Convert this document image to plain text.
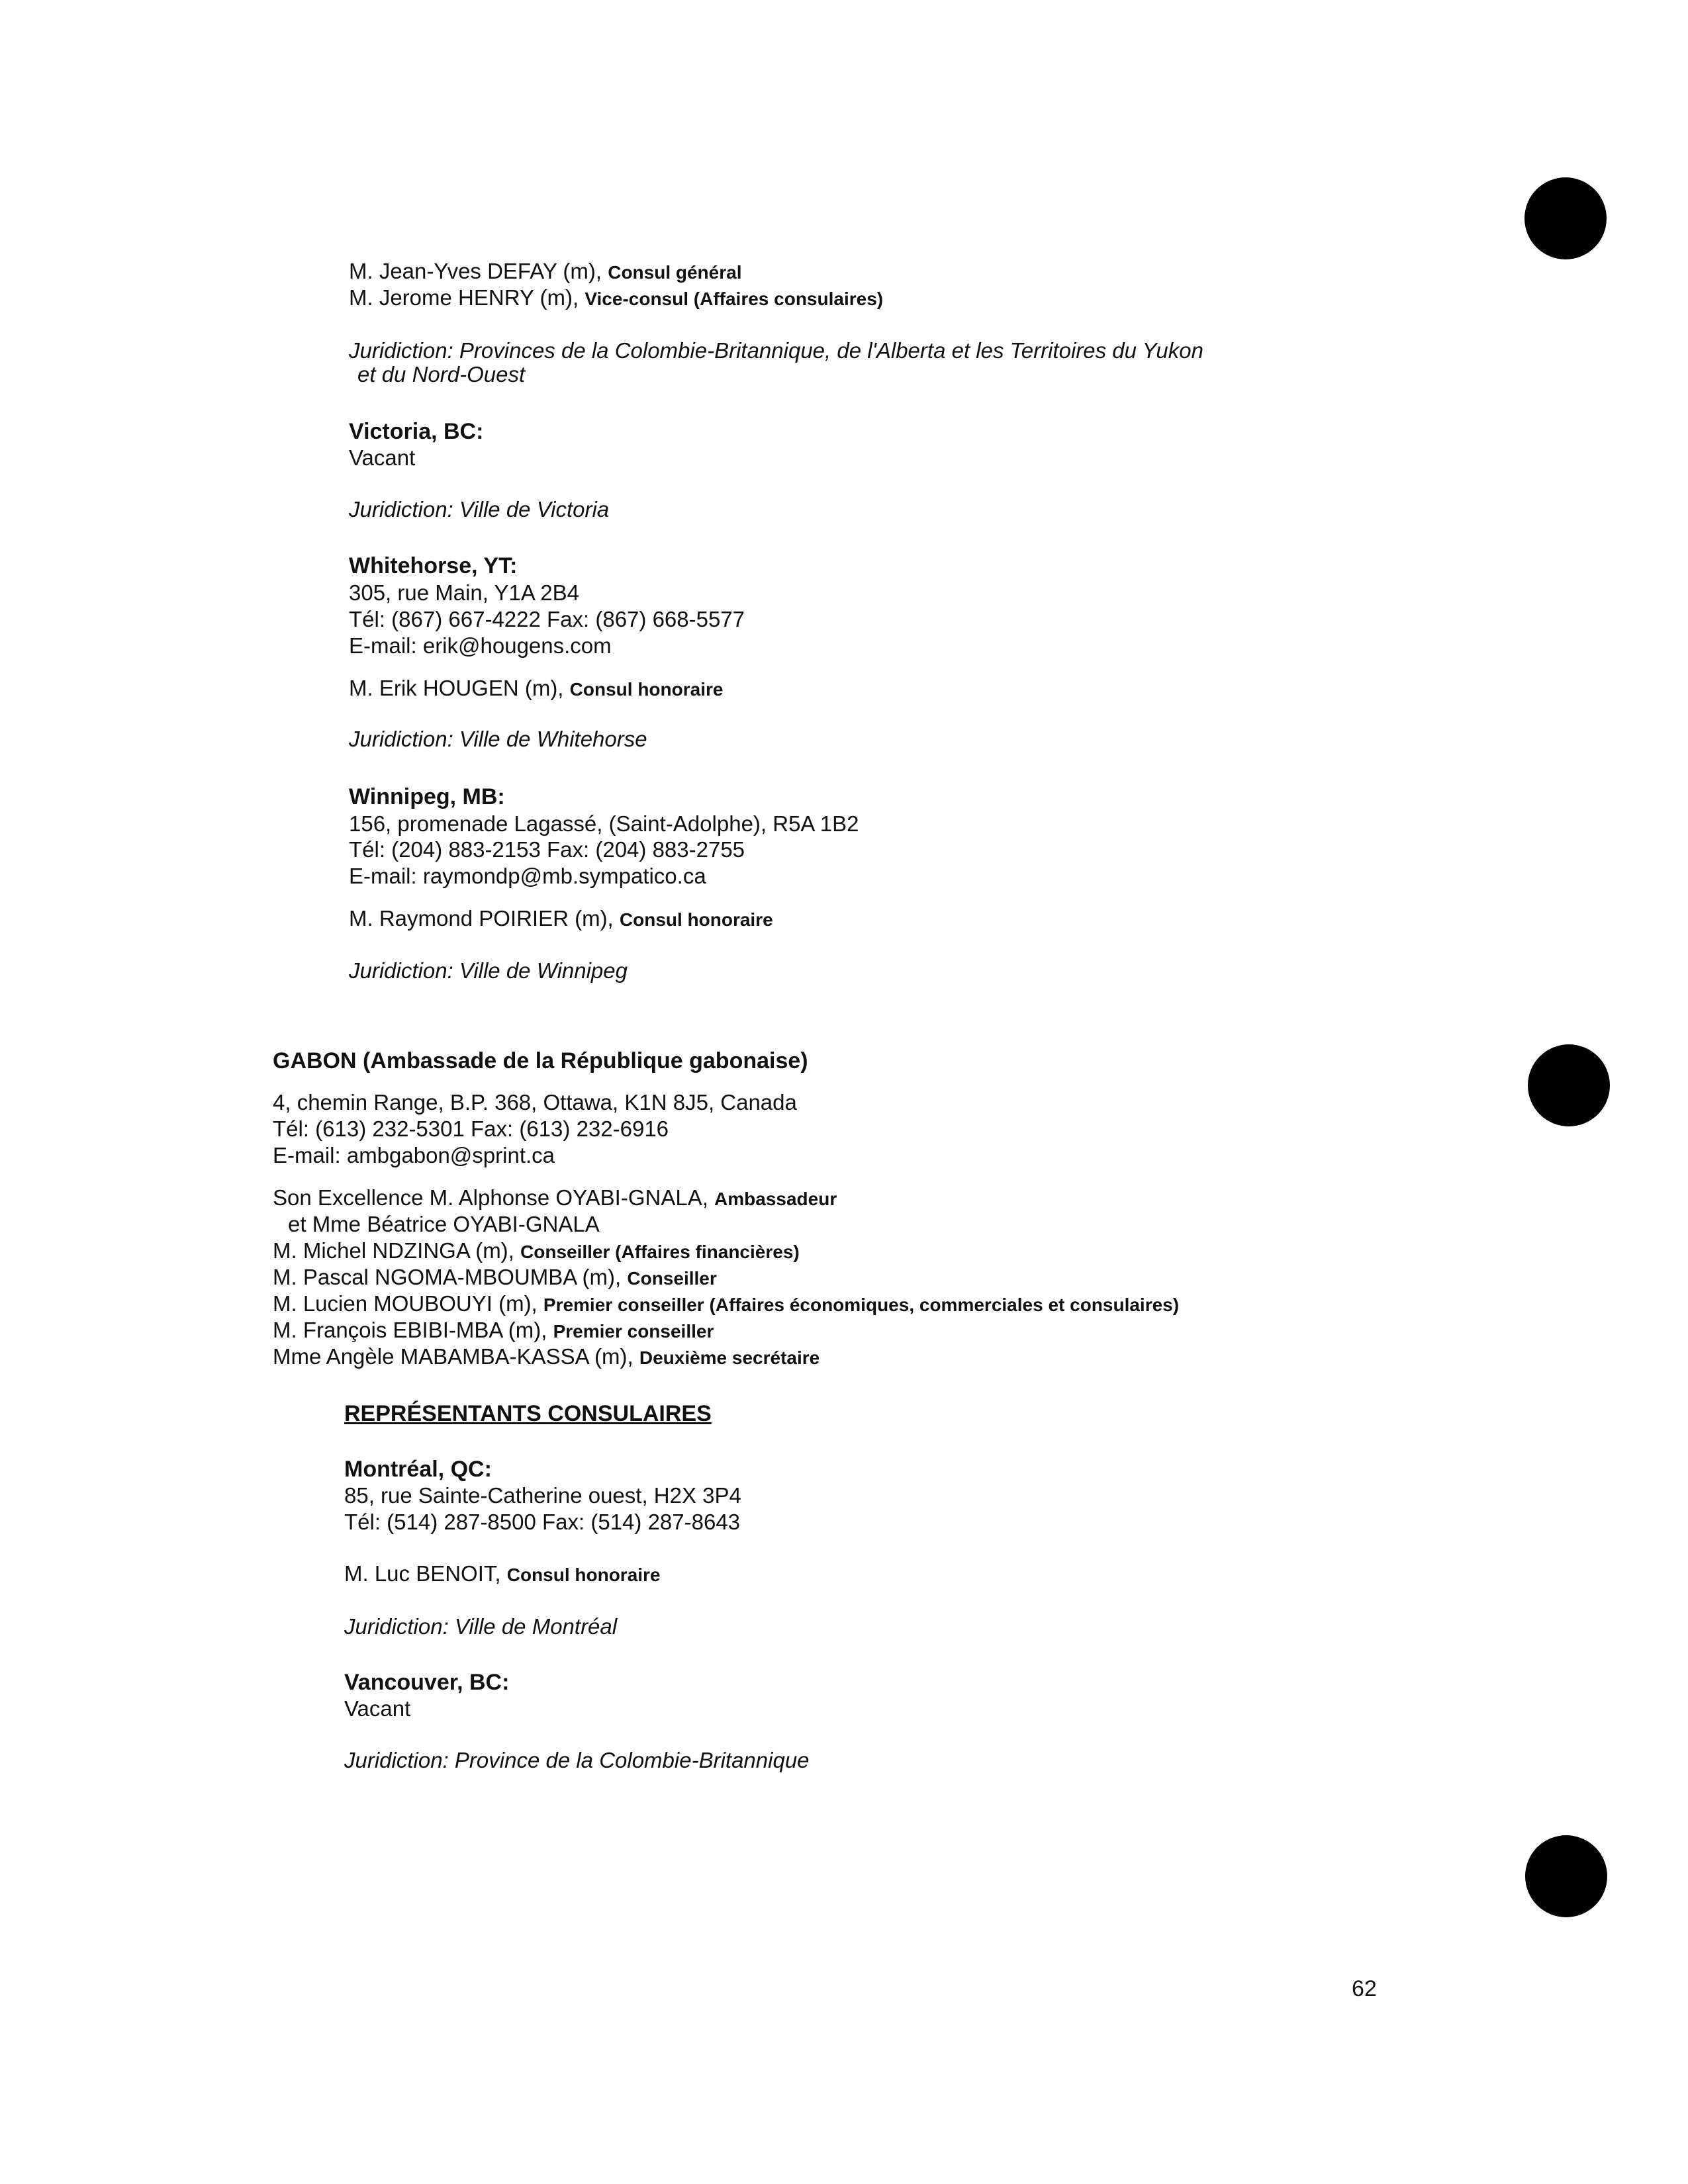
M. Jean-Yves DEFAY (m), Consul général
M. Jerome HENRY (m), Vice-consul (Affaires consulaires)
Juridiction: Provinces de la Colombie-Britannique, de l'Alberta et les Territoires du Yukon
et du Nord-Ouest
Victoria, BC:
Vacant
Juridiction: Ville de Victoria
Whitehorse, YT:
305, rue Main, Y1A 2B4
Tél: (867) 667-4222 Fax: (867) 668-5577
E-mail: erik@hougens.com
M. Erik HOUGEN (m), Consul honoraire
Juridiction: Ville de Whitehorse
Winnipeg, MB:
156, promenade Lagassé, (Saint-Adolphe), R5A 1B2
Tél: (204) 883-2153 Fax: (204) 883-2755
E-mail: raymondp@mb.sympatico.ca
M. Raymond POIRIER (m), Consul honoraire
Juridiction: Ville de Winnipeg
GABON (Ambassade de la République gabonaise)
4, chemin Range, B.P. 368, Ottawa, K1N 8J5, Canada
Tél: (613) 232-5301 Fax: (613) 232-6916
E-mail: ambgabon@sprint.ca
Son Excellence M. Alphonse OYABI-GNALA, Ambassadeur
et Mme Béatrice OYABI-GNALA
M. Michel NDZINGA (m), Conseiller (Affaires financières)
M. Pascal NGOMA-MBOUMBA (m), Conseiller
M. Lucien MOUBOUYI (m), Premier conseiller (Affaires économiques, commerciales et consulaires)
M. François EBIBI-MBA (m), Premier conseiller
Mme Angèle MABAMBA-KASSA (m), Deuxième secrétaire
REPRÉSENTANTS CONSULAIRES
Montréal, QC:
85, rue Sainte-Catherine ouest, H2X 3P4
Tél: (514) 287-8500 Fax: (514) 287-8643
M. Luc BENOIT, Consul honoraire
Juridiction: Ville de Montréal
Vancouver, BC:
Vacant
Juridiction: Province de la Colombie-Britannique
62
